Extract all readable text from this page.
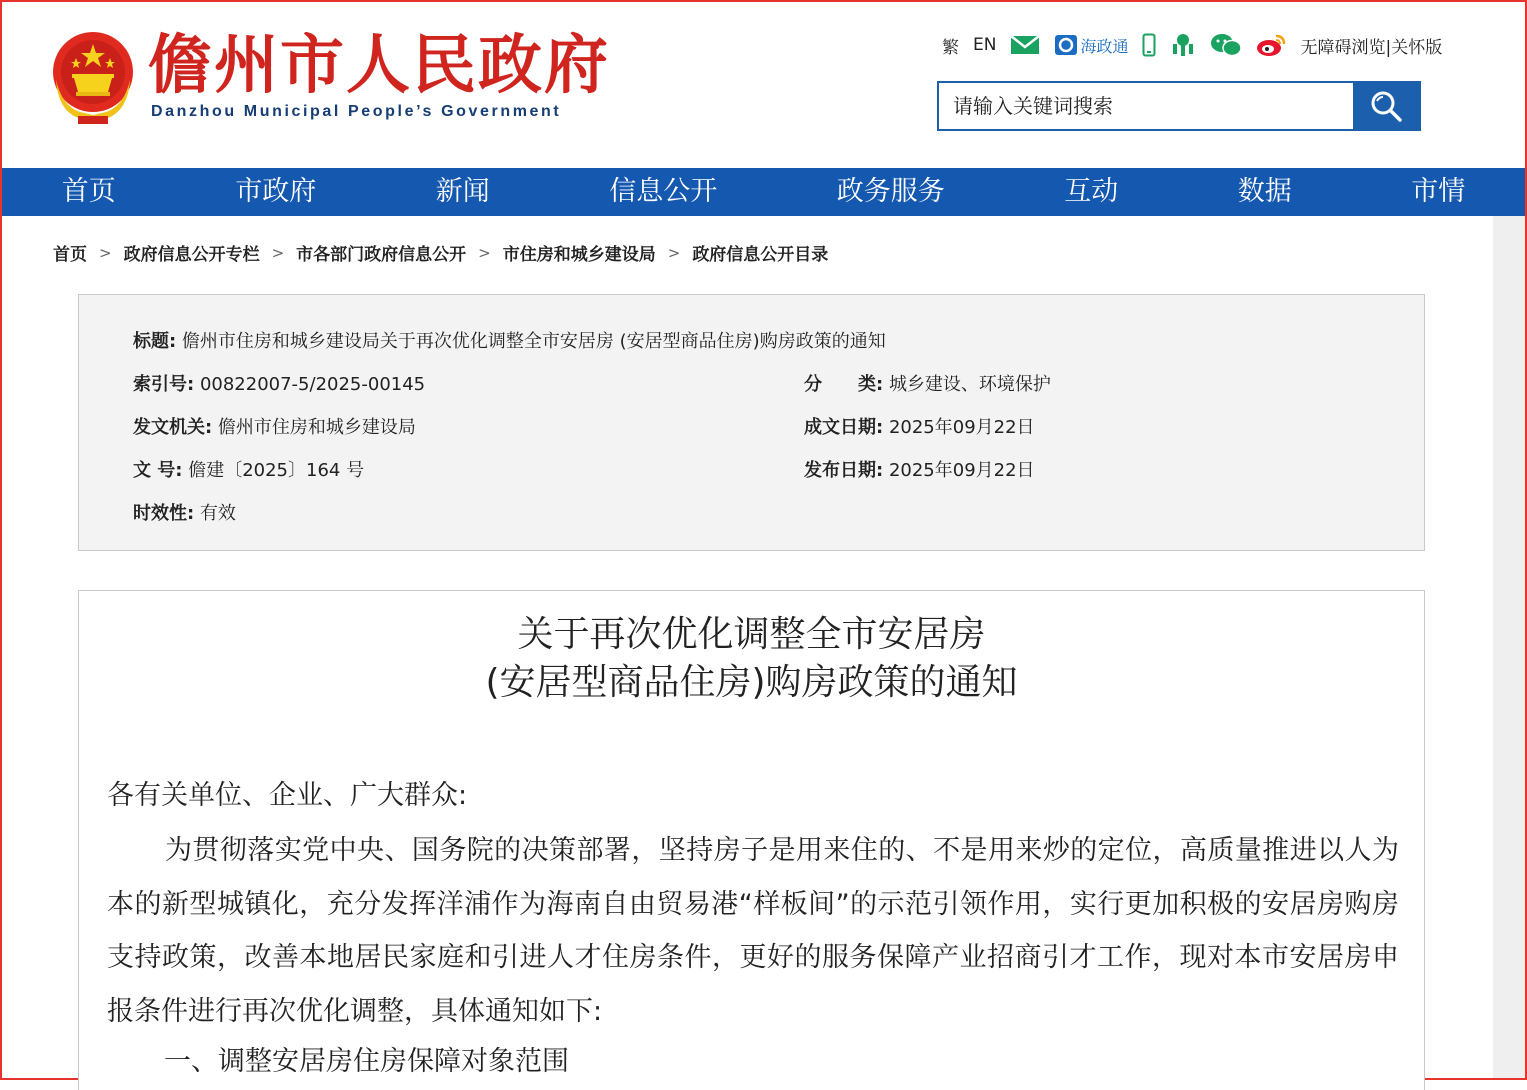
儋州市人民政府
Danzhou Municipal People’s Government
繁 EN	海政通	无障碍浏览 |关怀版
请输入关键词搜索
首页	市政府	新闻	信息公开	政务服务	互动	数据	市情
首页 > 政府信息公开专栏 > 市各部门政府信息公开 > 市住房和城乡建设局 > 政府信息公开目录
标题: 儋州市住房和城乡建设局关于再次优化调整全市安居房 (安居型商品住房)购房政策的通知
索引号: 00822007-5/2025-00145	分　　类: 城乡建设、环境保护
发文机关: 儋州市住房和城乡建设局	成文日期: 2025年09月22日
文 号: 儋建〔2025〕164 号	发布日期: 2025年09月22日
时效性: 有效
关于再次优化调整全市安居房
(安居型商品住房)购房政策的通知
各有关单位、企业、广大群众:
为贯彻落实党中央、国务院的决策部署，坚持房子是用来住的、不是用来炒的定位，高质量推进以人为本的新型城镇化，充分发挥洋浦作为海南自由贸易港“样板间”的示范引领作用，实行更加积极的安居房购房支持政策，改善本地居民家庭和引进人才住房条件，更好的服务保障产业招商引才工作，现对本市安居房申报条件进行再次优化调整，具体通知如下:
一、调整安居房住房保障对象范围
